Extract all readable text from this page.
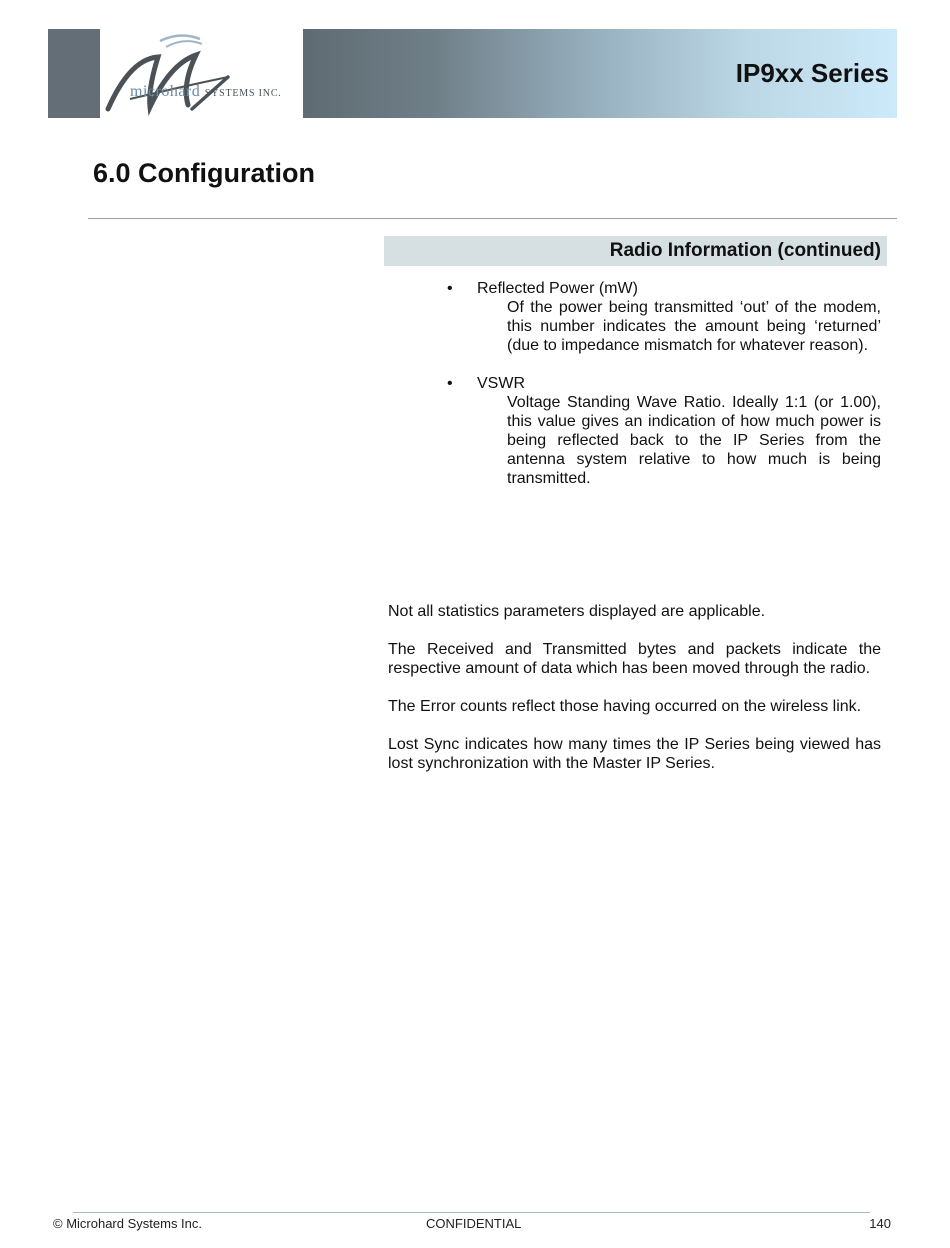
microhard SYSTEMS INC.
IP9xx Series
6.0 Configuration
Radio Information (continued)
• Reflected Power (mW)
Of the power being transmitted ‘out’ of the modem, this number indicates the amount being ‘returned’ (due to impedance mismatch for whatever reason).
• VSWR
Voltage Standing Wave Ratio. Ideally 1:1 (or 1.00), this value gives an indication of how much power is being reflected back to the IP Series from the antenna system relative to how much is being transmitted.

Not all statistics parameters displayed are applicable.

The Received and Transmitted bytes and packets indicate the respective amount of data which has been moved through the radio.

The Error counts reflect those having occurred on the wireless link.

Lost Sync indicates how many times the IP Series being viewed has lost synchronization with the Master IP Series.

© Microhard Systems Inc.	CONFIDENTIAL	140
